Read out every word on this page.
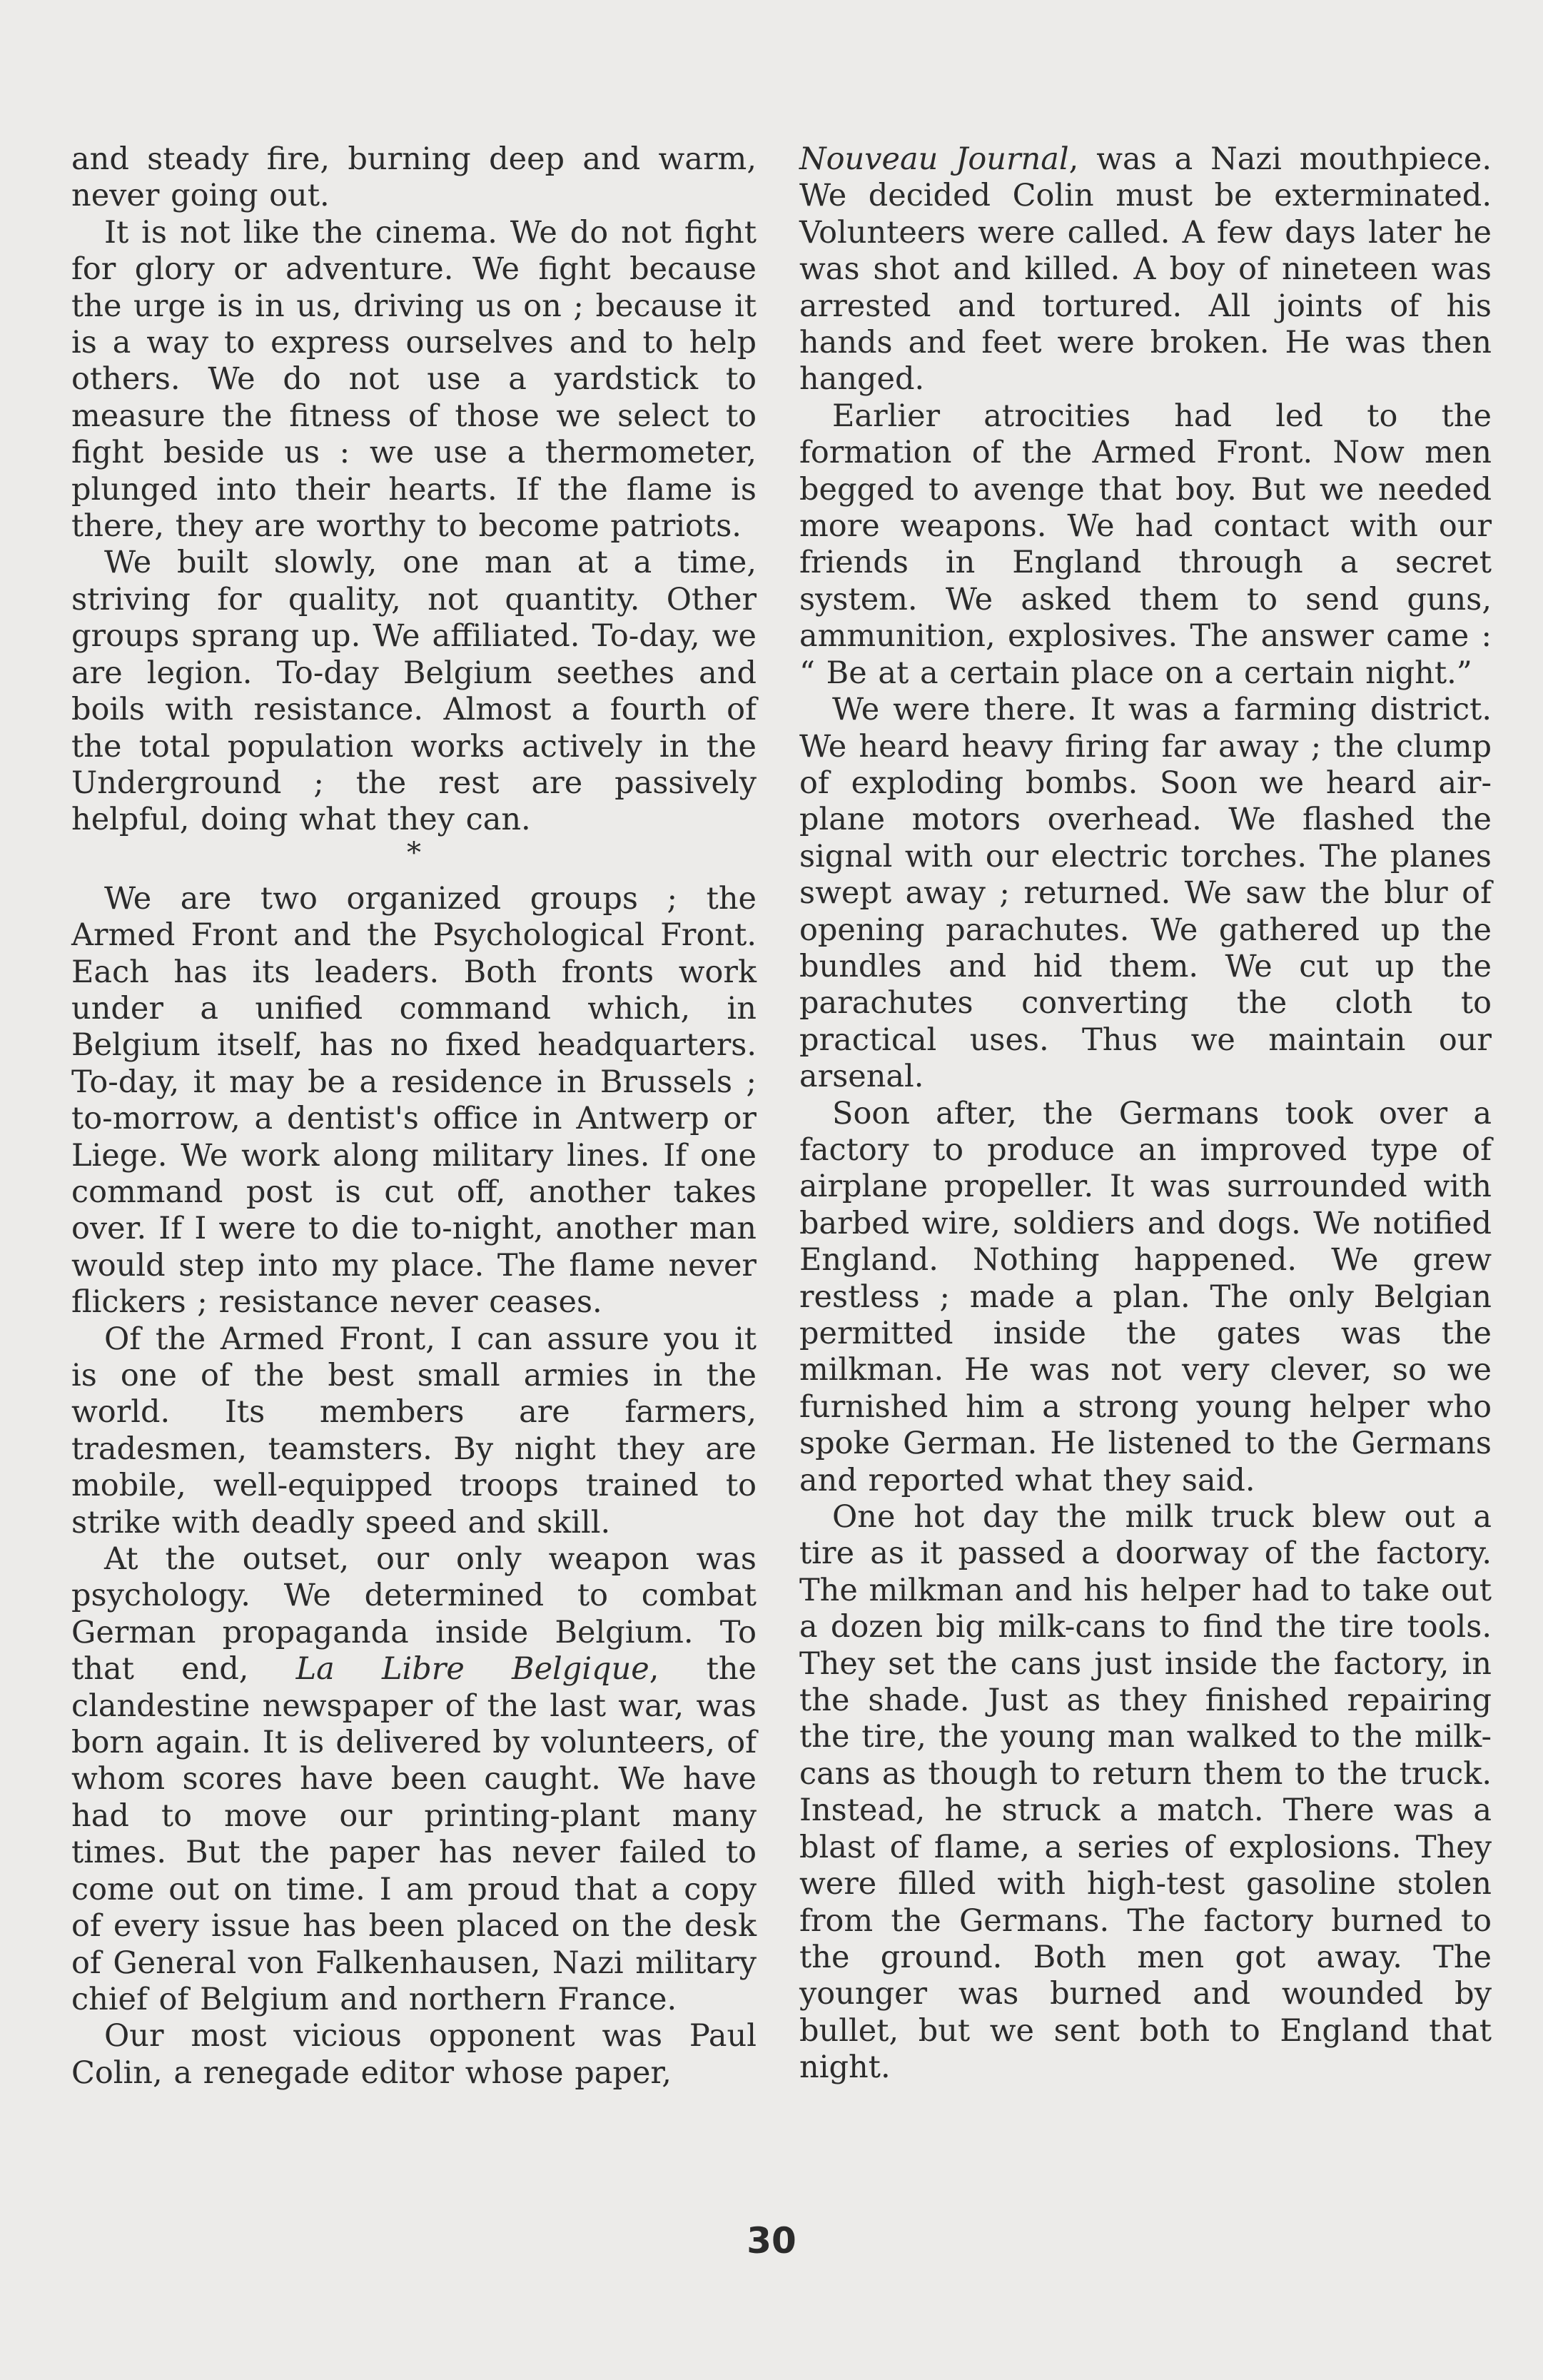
and steady fire, burning deep and warm, never going out.

It is not like the cinema. We do not fight for glory or adventure. We fight because the urge is in us, driving us on ; because it is a way to express ourselves and to help others. We do not use a yardstick to measure the fitness of those we select to fight beside us : we use a thermometer, plunged into their hearts. If the flame is there, they are worthy to become patriots.

We built slowly, one man at a time, striving for quality, not quantity. Other groups sprang up. We affiliated. To-day, we are legion. To-day Belgium seethes and boils with resistance. Almost a fourth of the total population works actively in the Underground ; the rest are passively helpful, doing what they can.

*

We are two organized groups ; the Armed Front and the Psychological Front. Each has its leaders. Both fronts work under a unified command which, in Belgium itself, has no fixed headquarters. To-day, it may be a residence in Brussels ; to-morrow, a dentist's office in Antwerp or Liege. We work along military lines. If one command post is cut off, another takes over. If I were to die to-night, another man would step into my place. The flame never flickers ; resistance never ceases.

Of the Armed Front, I can assure you it is one of the best small armies in the world. Its members are farmers, tradesmen, teamsters. By night they are mobile, well-equipped troops trained to strike with deadly speed and skill.

At the outset, our only weapon was psychology. We determined to combat German propaganda inside Belgium. To that end, La Libre Belgique, the clandestine newspaper of the last war, was born again. It is delivered by volunteers, of whom scores have been caught. We have had to move our printing-plant many times. But the paper has never failed to come out on time. I am proud that a copy of every issue has been placed on the desk of General von Falkenhausen, Nazi military chief of Belgium and northern France.

Our most vicious opponent was Paul Colin, a renegade editor whose paper,

Nouveau Journal, was a Nazi mouthpiece. We decided Colin must be exterminated. Volunteers were called. A few days later he was shot and killed. A boy of nineteen was arrested and tortured. All joints of his hands and feet were broken. He was then hanged.

Earlier atrocities had led to the formation of the Armed Front. Now men begged to avenge that boy. But we needed more weapons. We had contact with our friends in England through a secret system. We asked them to send guns, ammunition, explosives. The answer came : “ Be at a certain place on a certain night.”

We were there. It was a farming district. We heard heavy firing far away ; the clump of exploding bombs. Soon we heard air-plane motors overhead. We flashed the signal with our electric torches. The planes swept away ; returned. We saw the blur of opening parachutes. We gathered up the bundles and hid them. We cut up the parachutes converting the cloth to practical uses. Thus we maintain our arsenal.

Soon after, the Germans took over a factory to produce an improved type of airplane propeller. It was surrounded with barbed wire, soldiers and dogs. We notified England. Nothing happened. We grew restless ; made a plan. The only Belgian permitted inside the gates was the milkman. He was not very clever, so we furnished him a strong young helper who spoke German. He listened to the Germans and reported what they said.

One hot day the milk truck blew out a tire as it passed a doorway of the factory. The milkman and his helper had to take out a dozen big milk-cans to find the tire tools. They set the cans just inside the factory, in the shade. Just as they finished repairing the tire, the young man walked to the milk-cans as though to return them to the truck. Instead, he struck a match. There was a blast of flame, a series of explosions. They were filled with high-test gasoline stolen from the Germans. The factory burned to the ground. Both men got away. The younger was burned and wounded by bullet, but we sent both to England that night.

30
